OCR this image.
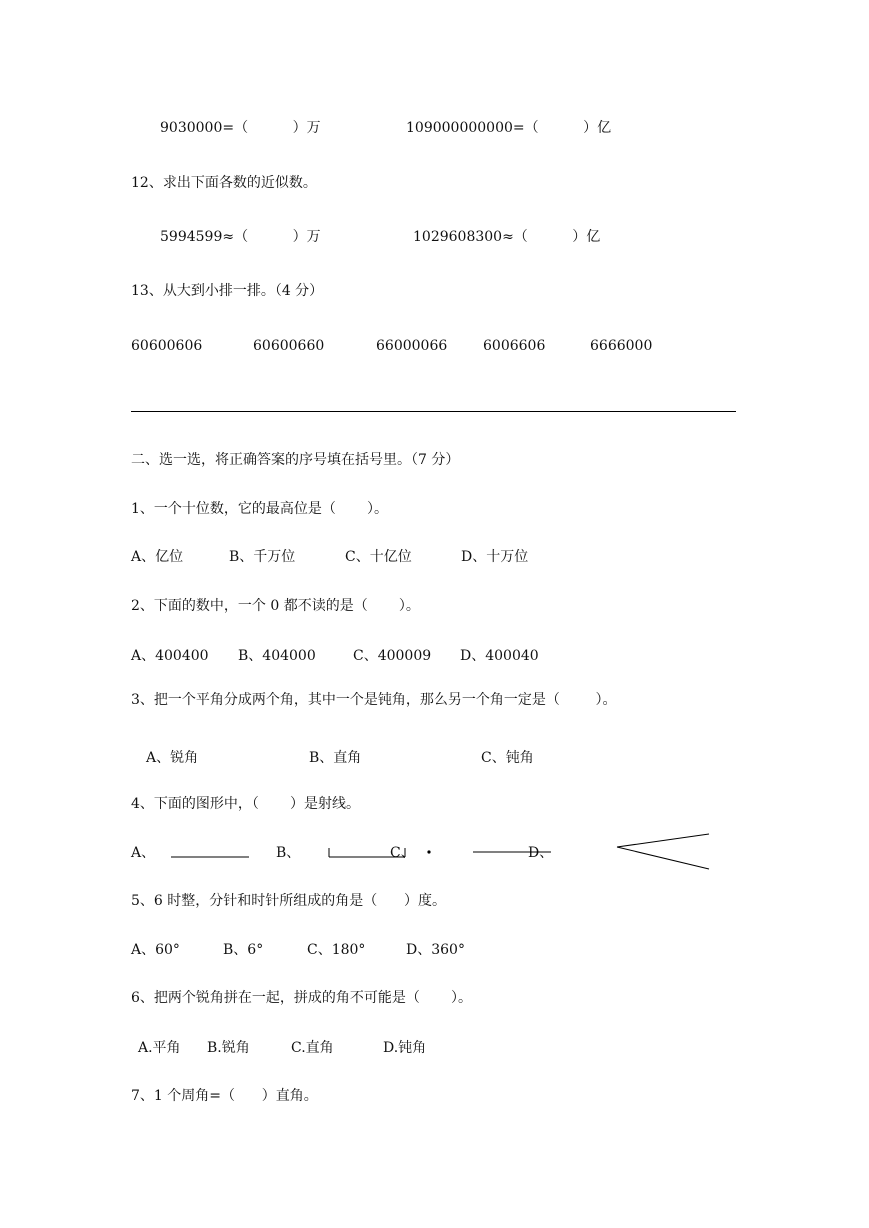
9030000=（          ）万	109000000000=（          ）亿
12、求出下面各数的近似数。
5994599≈（          ）万	1029608300≈（          ）亿
13、从大到小排一排。（4 分）
60600606	60600660	66000066	6006606	6666000
二、选一选，将正确答案的序号填在括号里。（7 分）
1、一个十位数，它的最高位是（       ）。
A、亿位	B、千万位	C、十亿位	D、十万位
2、下面的数中，一个 0 都不读的是（       ）。
A、400400 B、404000	C、400009 D、400040
3、把一个平角分成两个角，其中一个是钝角，那么另一个角一定是（        ）。
A、锐角	B、直角	C、钝角
4、下面的图形中，（       ）是射线。
A、	B、	C、	D、
5、6 时整，分针和时针所组成的角是（      ）度。
A、60°	B、6°	C、180°	D、360°
6、把两个锐角拼在一起，拼成的角不可能是（       ）。
A.平角 B.锐角	C.直角	D.钝角
7、1 个周角=（      ）直角。
